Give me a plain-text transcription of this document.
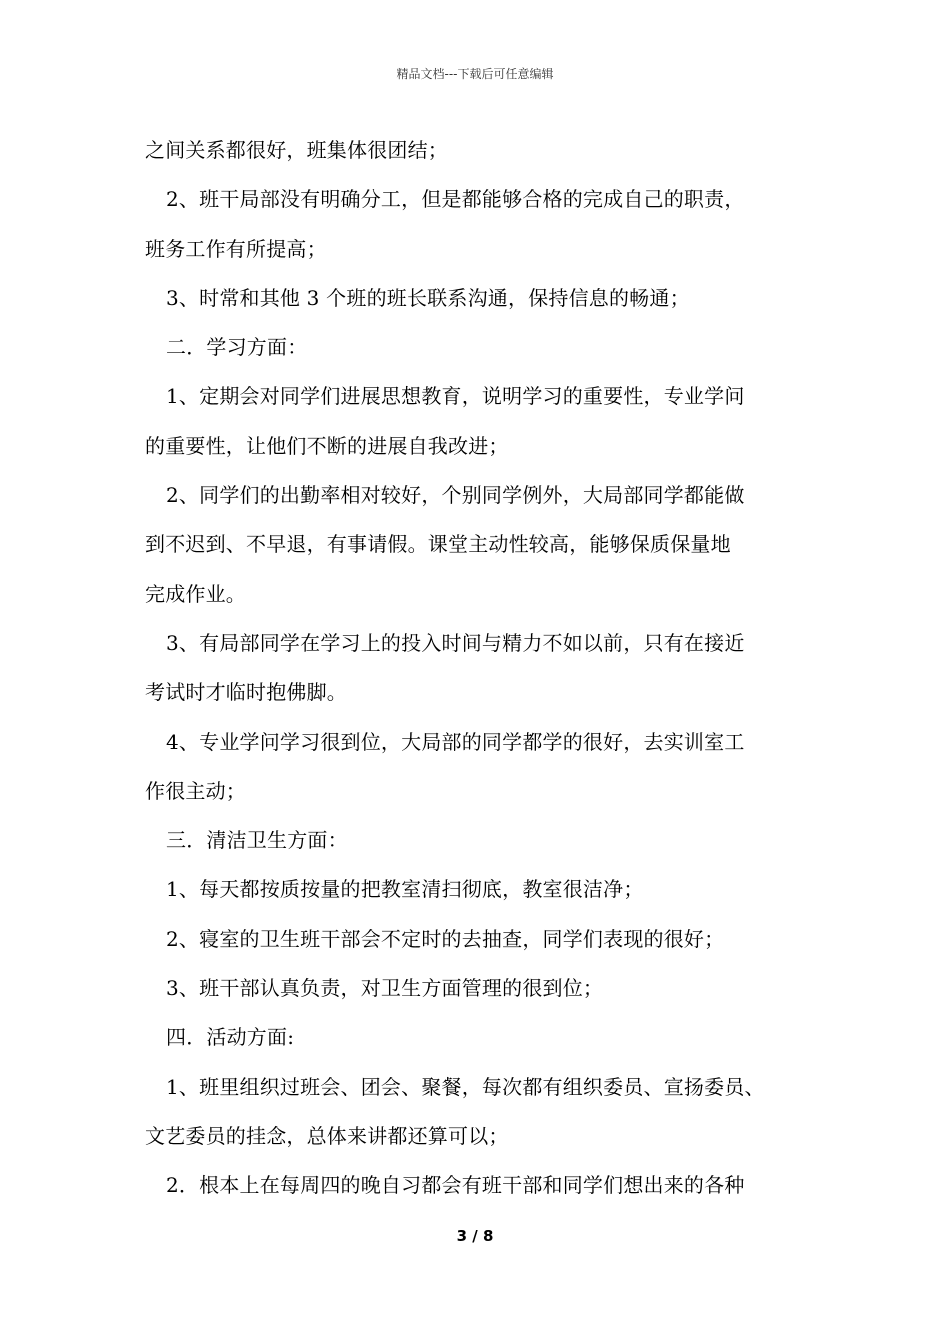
精品文档---下载后可任意编辑
之间关系都很好，班集体很团结；
2、班干局部没有明确分工，但是都能够合格的完成自己的职责，
班务工作有所提高；
3、时常和其他 3 个班的班长联系沟通，保持信息的畅通；
二．学习方面：
1、定期会对同学们进展思想教育，说明学习的重要性，专业学问
的重要性，让他们不断的进展自我改进；
2、同学们的出勤率相对较好，个别同学例外，大局部同学都能做
到不迟到、不早退，有事请假。课堂主动性较高，能够保质保量地
完成作业。
3、有局部同学在学习上的投入时间与精力不如以前，只有在接近
考试时才临时抱佛脚。
4、专业学问学习很到位，大局部的同学都学的很好，去实训室工
作很主动；
三．清洁卫生方面：
1、每天都按质按量的把教室清扫彻底，教室很洁净；
2、寝室的卫生班干部会不定时的去抽查，同学们表现的很好；
3、班干部认真负责，对卫生方面管理的很到位；
四．活动方面:
1、班里组织过班会、团会、聚餐，每次都有组织委员、宣扬委员、
文艺委员的挂念，总体来讲都还算可以；
2．根本上在每周四的晚自习都会有班干部和同学们想出来的各种
3 / 8
